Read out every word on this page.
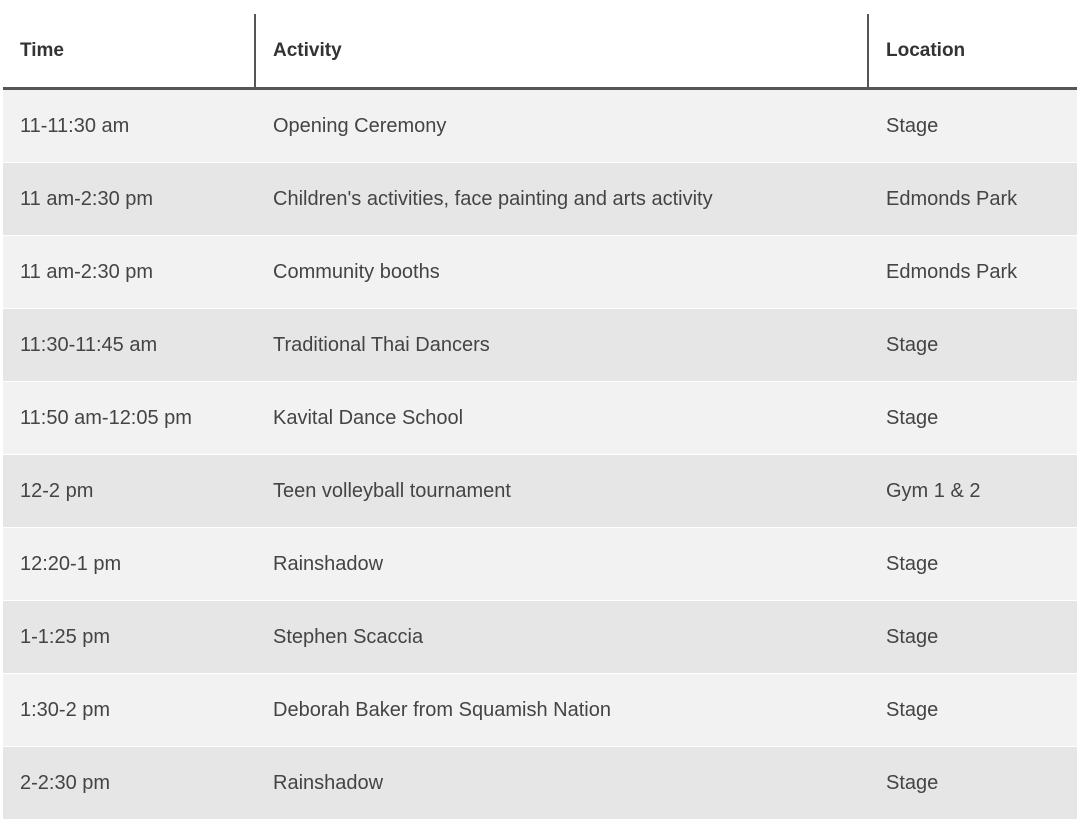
Time	Activity	Location
11-11:30 am	Opening Ceremony	Stage
11 am-2:30 pm	Children's activities, face painting and arts activity	Edmonds Park
11 am-2:30 pm	Community booths	Edmonds Park
11:30-11:45 am	Traditional Thai Dancers	Stage
11:50 am-12:05 pm	Kavital Dance School	Stage
12-2 pm	Teen volleyball tournament	Gym 1 & 2
12:20-1 pm	Rainshadow	Stage
1-1:25 pm	Stephen Scaccia	Stage
1:30-2 pm	Deborah Baker from Squamish Nation	Stage
2-2:30 pm	Rainshadow	Stage
